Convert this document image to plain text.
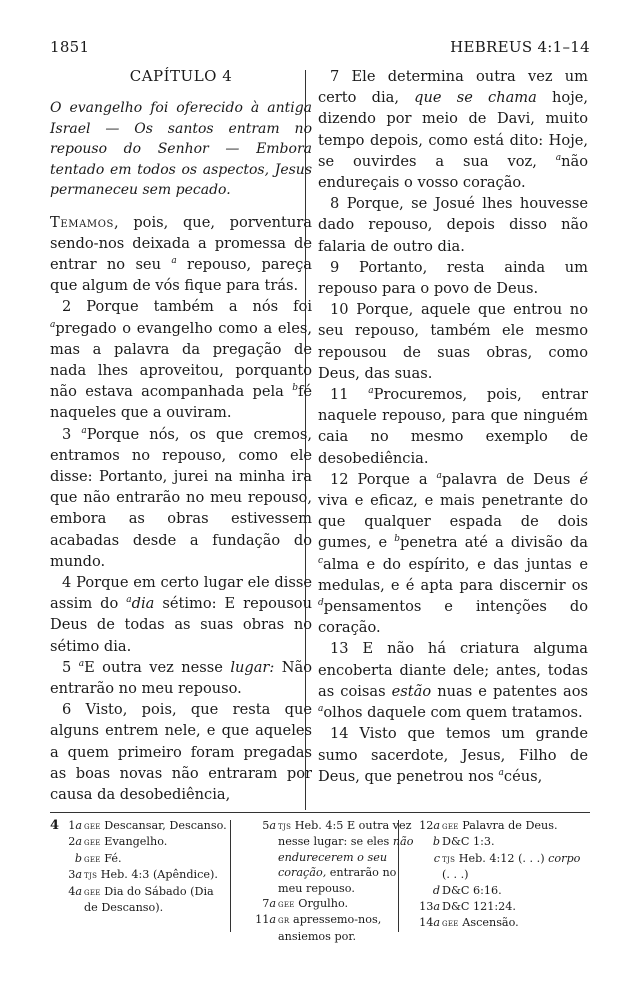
1851	HEBREUS 4:1–14
CAPÍTULO 4

O evangelho foi oferecido à antiga Israel — Os santos entram no repouso do Senhor — Embora tentado em todos os aspectos, Jesus permaneceu sem pecado.

Temamos, pois, que, porventura sendo-nos deixada a promessa de entrar no seu $^a$ repouso, pareça que algum de vós fique para trás.

2 Porque também a nós foi $^a$pregado o evangelho como a eles, mas a palavra da pregação de nada lhes aproveitou, porquanto não estava acompanhada pela $^b$fé naqueles que a ouviram.

3 $^a$Porque nós, os que cremos, entramos no repouso, como ele disse: Portanto, jurei na minha ira que não entrarão no meu repouso, embora as obras estivessem acabadas desde a fundação do mundo.

4 Porque em certo lugar ele disse assim do $^a$dia sétimo: E repousou Deus de todas as suas obras no sétimo dia.

5 $^a$E outra vez nesse lugar: Não entrarão no meu repouso.

6 Visto, pois, que resta que alguns entrem nele, e que aqueles a quem primeiro foram pregadas as boas novas não entraram por causa da desobediência,

7 Ele determina outra vez um certo dia, que se chama hoje, dizendo por meio de Davi, muito tempo depois, como está dito: Hoje, se ouvirdes a sua voz, $^a$não endureçais o vosso coração.

8 Porque, se Josué lhes houvesse dado repouso, depois disso não falaria de outro dia.

9 Portanto, resta ainda um repouso para o povo de Deus.

10 Porque, aquele que entrou no seu repouso, também ele mesmo repousou de suas obras, como Deus, das suas.

11 $^a$Procuremos, pois, entrar naquele repouso, para que ninguém caia no mesmo exemplo de desobediência.

12 Porque a $^a$palavra de Deus é viva e eficaz, e mais penetrante do que qualquer espada de dois gumes, e $^b$penetra até a divisão da $^c$alma e do espírito, e das juntas e medulas, e é apta para discernir os $^d$pensamentos e intenções do coração.

13 E não há criatura alguma encoberta diante dele; antes, todas as coisas estão nuas e patentes aos $^a$olhos daquele com quem tratamos.

14 Visto que temos um grande sumo sacerdote, Jesus, Filho de Deus, que penetrou nos $^a$céus,

4 1a gee Descansar, Descanso.
2a gee Evangelho.
b gee Fé.
3a tjs Heb. 4:3 (Apêndice).
4a gee Dia do Sábado (Dia de Descanso).
5a tjs Heb. 4:5 E outra vez nesse lugar: se eles não endurecerem o seu coração, entrarão no meu repouso.
7a gee Orgulho.
11a gr apressemo-nos, ansiemos por.
12a gee Palavra de Deus.
b D&C 1:3.
c tjs Heb. 4:12 (. . .) corpo (. . .)
d D&C 6:16.
13a D&C 121:24.
14a gee Ascensão.
